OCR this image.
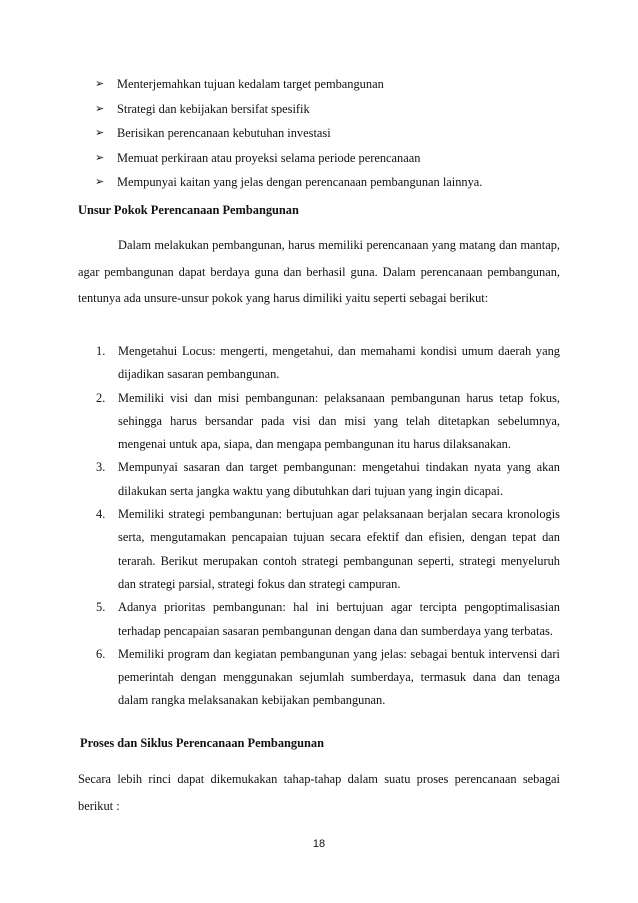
➢	Menterjemahkan tujuan kedalam target pembangunan
➢	Strategi dan kebijakan bersifat spesifik
➢	Berisikan perencanaan kebutuhan investasi
➢	Memuat perkiraan atau proyeksi selama periode perencanaan
➢	Mempunyai kaitan yang jelas dengan perencanaan pembangunan lainnya.
Unsur Pokok Perencanaan Pembangunan

Dalam melakukan pembangunan, harus memiliki perencanaan yang matang dan mantap, agar pembangunan dapat berdaya guna dan berhasil guna. Dalam perencanaan pembangunan, tentunya ada unsure-unsur pokok yang harus dimiliki yaitu seperti sebagai berikut:

1.	Mengetahui Locus: mengerti, mengetahui, dan memahami kondisi umum daerah yang dijadikan sasaran pembangunan.
2.	Memiliki visi dan misi pembangunan: pelaksanaan pembangunan harus tetap fokus, sehingga harus bersandar pada visi dan misi yang telah ditetapkan sebelumnya, mengenai untuk apa, siapa, dan mengapa pembangunan itu harus dilaksanakan.
3.	Mempunyai sasaran dan target pembangunan: mengetahui tindakan nyata yang akan dilakukan serta jangka waktu yang dibutuhkan dari tujuan yang ingin dicapai.
4.	Memiliki strategi pembangunan: bertujuan agar pelaksanaan berjalan secara kronologis serta, mengutamakan pencapaian tujuan secara efektif dan efisien, dengan tepat dan terarah. Berikut merupakan contoh strategi pembangunan seperti, strategi menyeluruh dan strategi parsial, strategi fokus dan strategi campuran.
5.	Adanya prioritas pembangunan: hal ini bertujuan agar tercipta pengoptimalisasian terhadap pencapaian sasaran pembangunan dengan dana dan sumberdaya yang terbatas.
6.	Memiliki program dan kegiatan pembangunan yang jelas: sebagai bentuk intervensi dari pemerintah dengan menggunakan sejumlah sumberdaya, termasuk dana dan tenaga dalam rangka melaksanakan kebijakan pembangunan.
Proses dan Siklus Perencanaan Pembangunan

Secara lebih rinci dapat dikemukakan tahap-tahap dalam suatu proses perencanaan sebagai berikut :

18
